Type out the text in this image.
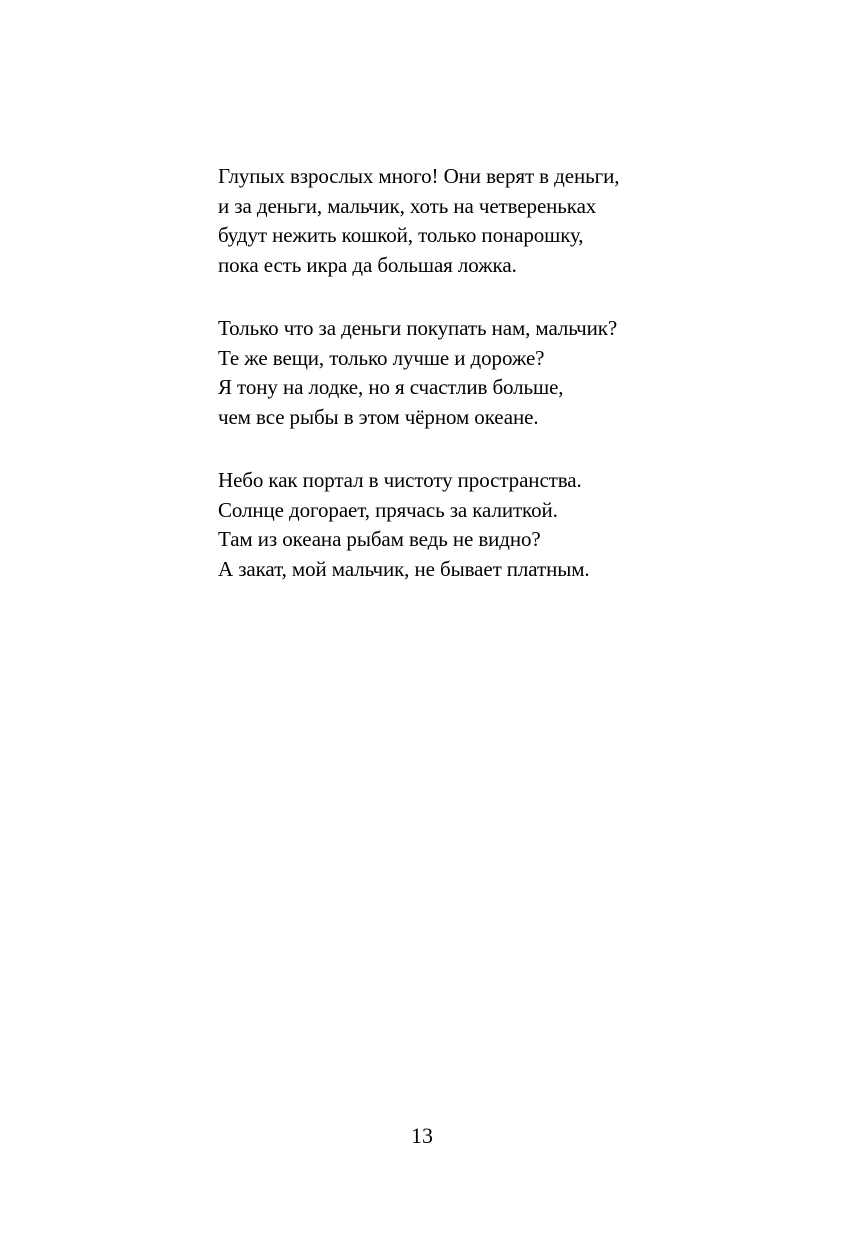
Глупых взрослых много! Они верят в деньги,
и за деньги, мальчик, хоть на четвереньках
будут нежить кошкой, только понарошку,
пока есть икра да большая ложка.
Только что за деньги покупать нам, мальчик?
Те же вещи, только лучше и дороже?
Я тону на лодке, но я счастлив больше,
чем все рыбы в этом чёрном океане.
Небо как портал в чистоту пространства.
Солнце догорает, прячась за калиткой.
Там из океана рыбам ведь не видно?
А закат, мой мальчик, не бывает платным.
13
